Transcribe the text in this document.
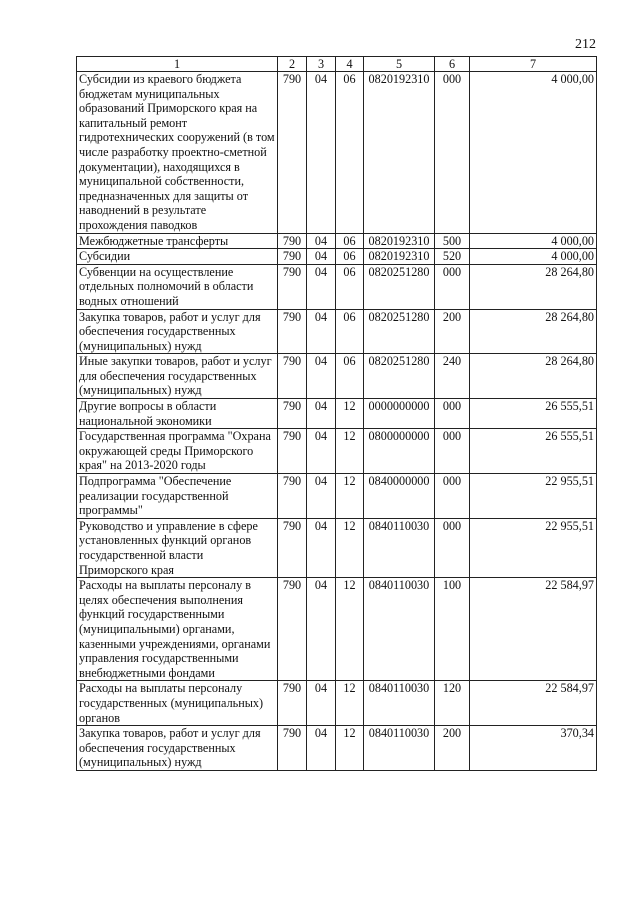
212
1	2	3	4	5	6	7
Субсидии из краевого бюджета бюджетам муниципальных образований Приморского края на капитальный ремонт гидротехнических сооружений (в том числе разработку проектно-сметной документации), находящихся в муниципальной собственности, предназначенных для защиты от наводнений в результате прохождения паводков	790	04	06	0820192310	000	4 000,00
Межбюджетные трансферты	790	04	06	0820192310	500	4 000,00
Субсидии	790	04	06	0820192310	520	4 000,00
Субвенции на осуществление отдельных полномочий в области водных отношений	790	04	06	0820251280	000	28 264,80
Закупка товаров, работ и услуг для обеспечения государственных (муниципальных) нужд	790	04	06	0820251280	200	28 264,80
Иные закупки товаров, работ и услуг для обеспечения государственных (муниципальных) нужд	790	04	06	0820251280	240	28 264,80
Другие вопросы в области национальной экономики	790	04	12	0000000000	000	26 555,51
Государственная программа "Охрана окружающей среды Приморского края" на 2013-2020 годы	790	04	12	0800000000	000	26 555,51
Подпрограмма "Обеспечение реализации государственной программы"	790	04	12	0840000000	000	22 955,51
Руководство и управление в сфере установленных функций органов государственной власти Приморского края	790	04	12	0840110030	000	22 955,51
Расходы на выплаты персоналу в целях обеспечения выполнения функций государственными (муниципальными) органами, казенными учреждениями, органами управления государственными внебюджетными фондами	790	04	12	0840110030	100	22 584,97
Расходы на выплаты персоналу государственных (муниципальных) органов	790	04	12	0840110030	120	22 584,97
Закупка товаров, работ и услуг для обеспечения государственных (муниципальных) нужд	790	04	12	0840110030	200	370,34
